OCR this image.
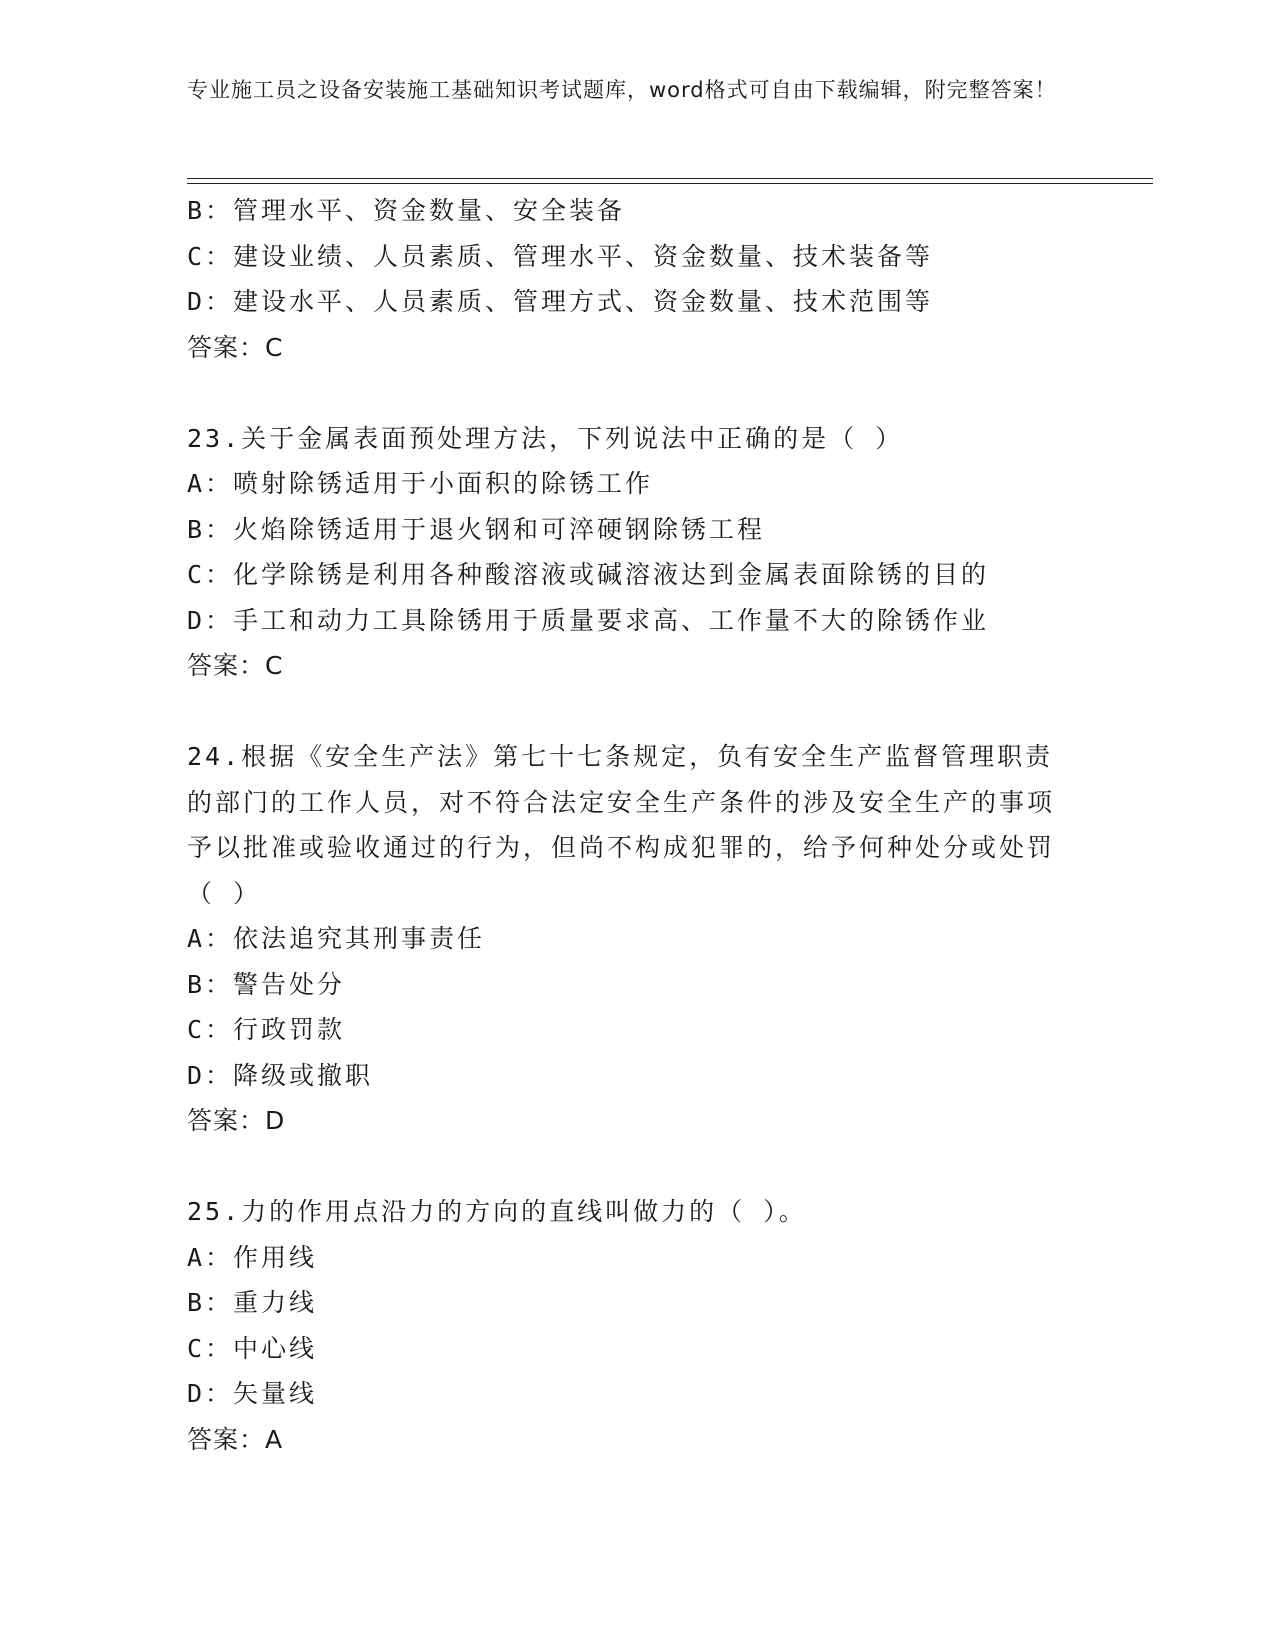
专业施工员之设备安装施工基础知识考试题库，word格式可自由下载编辑，附完整答案！
B：管理水平、资金数量、安全装备
C：建设业绩、人员素质、管理水平、资金数量、技术装备等
D：建设水平、人员素质、管理方式、资金数量、技术范围等
答案：C
23.关于金属表面预处理方法，下列说法中正确的是（ ）
A：喷射除锈适用于小面积的除锈工作
B：火焰除锈适用于退火钢和可淬硬钢除锈工程
C：化学除锈是利用各种酸溶液或碱溶液达到金属表面除锈的目的
D：手工和动力工具除锈用于质量要求高、工作量不大的除锈作业
答案：C
24.根据《安全生产法》第七十七条规定，负有安全生产监督管理职责的部门的工作人员，对不符合法定安全生产条件的涉及安全生产的事项予以批准或验收通过的行为，但尚不构成犯罪的，给予何种处分或处罚（ ）
A：依法追究其刑事责任
B：警告处分
C：行政罚款
D：降级或撤职
答案：D
25.力的作用点沿力的方向的直线叫做力的（ ）。
A：作用线
B：重力线
C：中心线
D：矢量线
答案：A
